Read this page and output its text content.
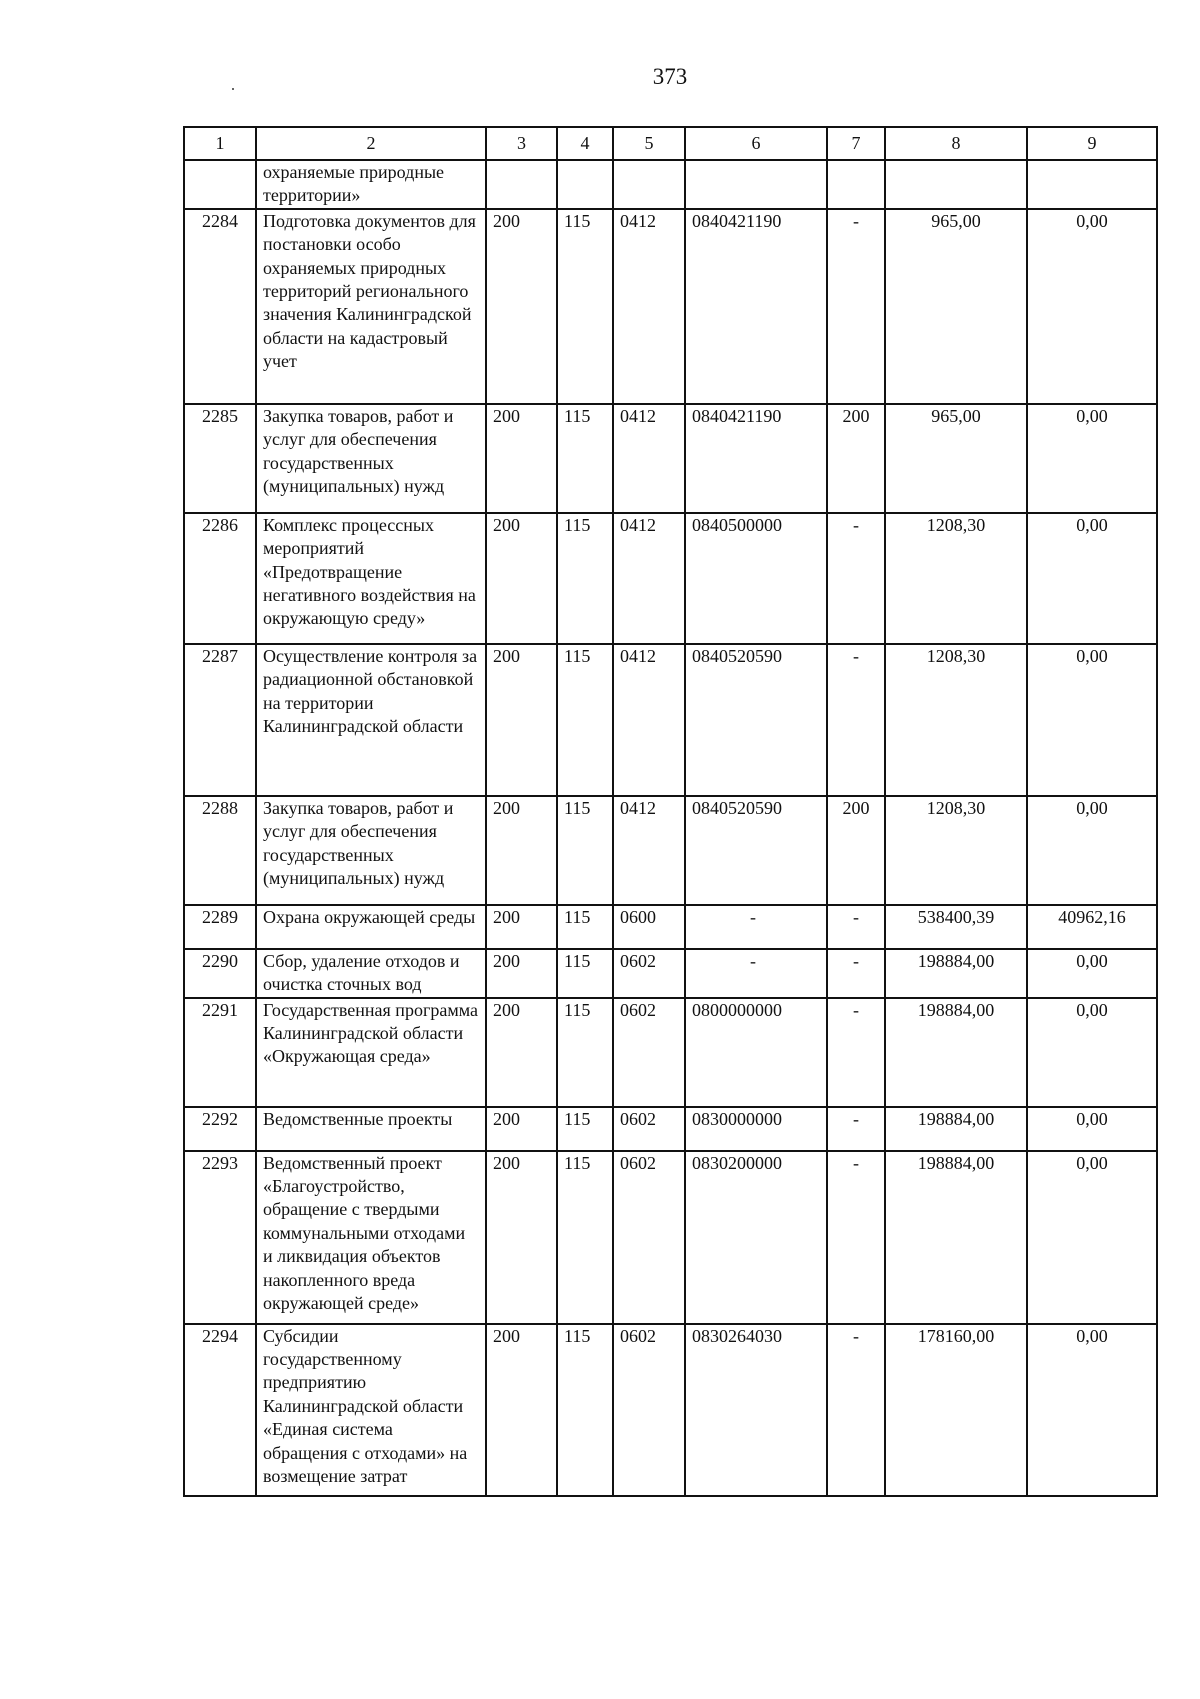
373
1	2	3	4	5	6	7	8	9
	охраняемые природные территории»							
2284	Подготовка документов для постановки особо охраняемых природных территорий регионального значения Калининградской области на кадастровый учет	200	115	0412	0840421190	-	965,00	0,00
2285	Закупка товаров, работ и услуг для обеспечения государственных (муниципальных) нужд	200	115	0412	0840421190	200	965,00	0,00
2286	Комплекс процессных мероприятий «Предотвращение негативного воздействия на окружающую среду»	200	115	0412	0840500000	-	1208,30	0,00
2287	Осуществление контроля за радиационной обстановкой на территории Калининградской области	200	115	0412	0840520590	-	1208,30	0,00
2288	Закупка товаров, работ и услуг для обеспечения государственных (муниципальных) нужд	200	115	0412	0840520590	200	1208,30	0,00
2289	Охрана окружающей среды	200	115	0600	-	-	538400,39	40962,16
2290	Сбор, удаление отходов и очистка сточных вод	200	115	0602	-	-	198884,00	0,00
2291	Государственная программа Калининградской области «Окружающая среда»	200	115	0602	0800000000	-	198884,00	0,00
2292	Ведомственные проекты	200	115	0602	0830000000	-	198884,00	0,00
2293	Ведомственный проект «Благоустройство, обращение с твердыми коммунальными отходами и ликвидация объектов накопленного вреда окружающей среде»	200	115	0602	0830200000	-	198884,00	0,00
2294	Субсидии государственному предприятию Калининградской области «Единая система обращения с отходами» на возмещение затрат	200	115	0602	0830264030	-	178160,00	0,00
